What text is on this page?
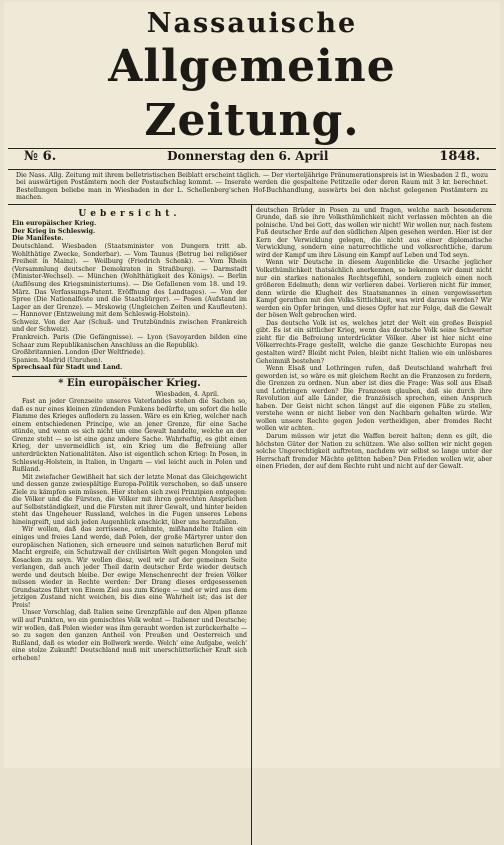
Nassauische
Allgemeine Zeitung.
№ 6.	Donnerstag den 6. April	1848.
Die Nass. Allg. Zeitung mit ihrem belletristischen Beiblatt erscheint täglich. — Der vierteljährige Pränumerationspreis ist in Wiesbaden 2 fl., wozu bei auswärtigen Postämtern noch der Postaufschlag kommt. — Inserate werden die gespaltene Petitzeile oder deren Raum mit 3 kr. berechnet. Bestellungen beliebe man in Wiesbaden in der L. Schellenberg'schen Hof-Buchhandlung, auswärts bei den nächst gelegenen Postämtern zu machen.
Uebersicht.
Ein europäischer Krieg.
Der Krieg in Schleswig.
Die Manifeste.
Deutschland. Wiesbaden (Staatsminister von Dungern tritt ab. Wohlthätige Zwecke, Sonderbar). — Vom Taunus (Betrug bei religiöser Freiheit in Mainz). — Weilburg (Friedrich Schenk). — Vom Rhein (Versammlung deutscher Demokraten in Straßburg). — Darmstadt (Minister-Wechsel). — München (Wohlthätigkeit des Königs). — Berlin (Auflösung des Kriegsministeriums). — Die Gefallenen vom 18. und 19. März. Das Verfassungs-Patent. Eröffnung des Landtages). — Von der Spree (Die Nationalfeste und die Staatsbürger). — Posen (Aufstand im Lager an der Grenze). — Mrskowig (Ungleichen Zeiten und Kaufleuten). — Hannover (Entzweiung mit dem Schleswig-Holstein).
Schweiz. Von der Aar (Schuß- und Trutzbündnis zwischen Frankreich und der Schweiz).
Frankreich. Paris (Die Gefängnisse). — Lyon (Savoyarden bilden eine Schaar zum Republikanischen Anschluss an die Republik).
Großbritannien. London (Der Weltfriede).
Spanien. Madrid (Unruhen).
Sprechsaal für Stadt und Land.
* Ein europäischer Krieg.
Wiesbaden, 4. April.

Fast an jeder Grenzseite unseres Vaterlandes stehen die Sachen so, daß es nur eines kleinen zündenden Funkens bedürfte, um sofort die helle Flamme des Krieges auflodern zu lassen. Wäre es ein Krieg, welcher nach einem entschiedenen Principe, wie an jener Grenze, für eine Sache stünde, und wenn es sich nicht um eine Gewalt handelte, welche an der Grenze steht — so ist eine ganz andere Sache. Wahrhaftig, es gibt einen Krieg, der unvermeidlich ist, ein Krieg um die Befreiung aller unterdrückten Nationalitäten. Also ist eigentlich schon Krieg: In Posen, in Schleswig-Holstein, in Italien, in Ungarn — viel leicht auch in Polen und Rußland.

Mit zwiefacher Gewißheit hat sich der letzte Monat das Gleichgewicht und dessen ganze zwiespältige Europa-Politik verschoben, so daß unsere Ziele zu kämpfen sein müssen. Hier stehen sich zwei Prinzipien entgegen: die Völker und die Fürsten, die Völker mit ihren gerechten Ansprüchen auf Selbstständigkeit, und die Fürsten mit ihrer Gewalt, und hinter beiden steht das Ungeheuer Russland, welches in die Fugen unseres Lebens hineingreift, und sich jeden Augenblick anschickt, über uns herzufallen.

Wir wollen, daß das zerrissene, erlahmte, mißhandelte Italien ein einiges und freies Land werde, daß Polen, der große Märtyrer unter den europäischen Nationen, sich erneuere und seinen naturlichen Beruf mit Macht ergreife, ein Schutzwall der civilisirten Welt gegen Mongolen und Kosacken zu seyn. Wir wollen diesz, weil wir auf der gemeinen Seite verlangen, daß auch jeder Theil darin deutscher Erde wieder deutsch werde und deutsch bleibe. Der ewige Menschenrecht der freien Völker müssen wieder in Rechte werden: Der Drang dieses erdgesessenen Grundsatzes führt von Einem Ziel aus zum Kriege — und er wird aus dem jetzigen Zustand nicht weichen, bis dies eine Wahrheit ist; das ist der Preis!

Unser Vorschlag, daß Italien seine Grenzpfähle auf den Alpen pflanze will auf Punkten, wo ein gemischtes Volk wohnt — Italiener und Deutsche; wir wollen, daß Polen wieder was ihm geraubt worden ist zurückerhalte — so zu sagen den ganzen Antheil von Preußen und Oesterreich und Rußland, daß es wieder ein Bollwerk werde. Welch' eine Aufgabe, welch' eine stolze Zukunft! Deutschland muß mit unerschütterlicher Kraft sich erheben!

deutschen Brüder in Posen zu und fragen, welche nach besonderem Grunde, daß sie ihre Volksthümlichkeit nicht verlassen möchten an die polnische. Und bei Gott, das wollen wir nicht! Wir wollen nur, nach festem Fuß deutscher Erde auf den südlichen Alpen gesehen werden. Hier ist der Kern der Verwicklung gelegen, die nicht aus einer diplomatische Verwicklung, sondern eine naturrechtliche und volksrechtliche, darum wird der Kampf um ihre Lösung ein Kampf auf Leben und Tod seyn.

Wenn wir Deutsche in diesem Augenblicke die Ursache jeglicher Volksthümlichkeit thatsächlich anerkennen, so bekennen wir damit nicht nur ein starkes nationales Rechtsgefühl, sondern zugleich einen noch größeren Edelmuth; denn wir verlieren dabei. Verlieren nicht für immer, denn würde die Klugheit des Staatsmannes in einen vergewisserten Kampf gerathen mit den Volks-Sittlichkeit, was wird daraus werden? Wir werden ein Opfer bringen, und dieses Opfer hat zur Folge, daß die Gewalt der bösen Welt gebrochen wird.

Das deutsche Volk ist es, welches jetzt der Welt ein großes Beispiel gibt. Es ist ein sittlicher Krieg, wenn das deutsche Volk seine Schwerter zieht für die Befreiung unterdrückter Völker. Aber ist hier nicht eine Völkerrechts-Frage gestellt, welche die ganze Geschichte Europas neu gestalten wird? Bleibt nicht Polen, bleibt nicht Italien wie ein unlösbares Geheimniß bestehen?

Wenn Elsaß und Lothringen rufen, daß Deutschland wahrhaft frei geworden ist, so wäre es mit gleichem Recht an die Franzosen zu fordern, die Grenzen zu ordnen. Nun aber ist dies die Frage: Was soll aus Elsaß und Lothringen werden? Die Franzosen glauben, daß sie durch ihre Revolution auf alle Länder, die französisch sprechen, einen Anspruch haben. Der Geist nicht schon längst auf die eigenen Füße zu stellen, verstehe wenn er nicht lieber von den Nachbarn gehalten würde. Wir wollen unsere Rechte gegen Jeden vertheidigen, aber fremdes Recht wollen wir achten.

Darum müssen wir jetzt die Waffen bereit halten; denn es gilt, die höchsten Güter der Nation zu schützen. Wie also sollten wir nicht gegen solche Ungerechtigkeit auftreten, nachdem wir selbst so lange unter der Herrschaft fremder Mächte gelitten haben? Den Frieden wollen wir, aber einen Frieden, der auf dem Rechte ruht und nicht auf der Gewalt.
